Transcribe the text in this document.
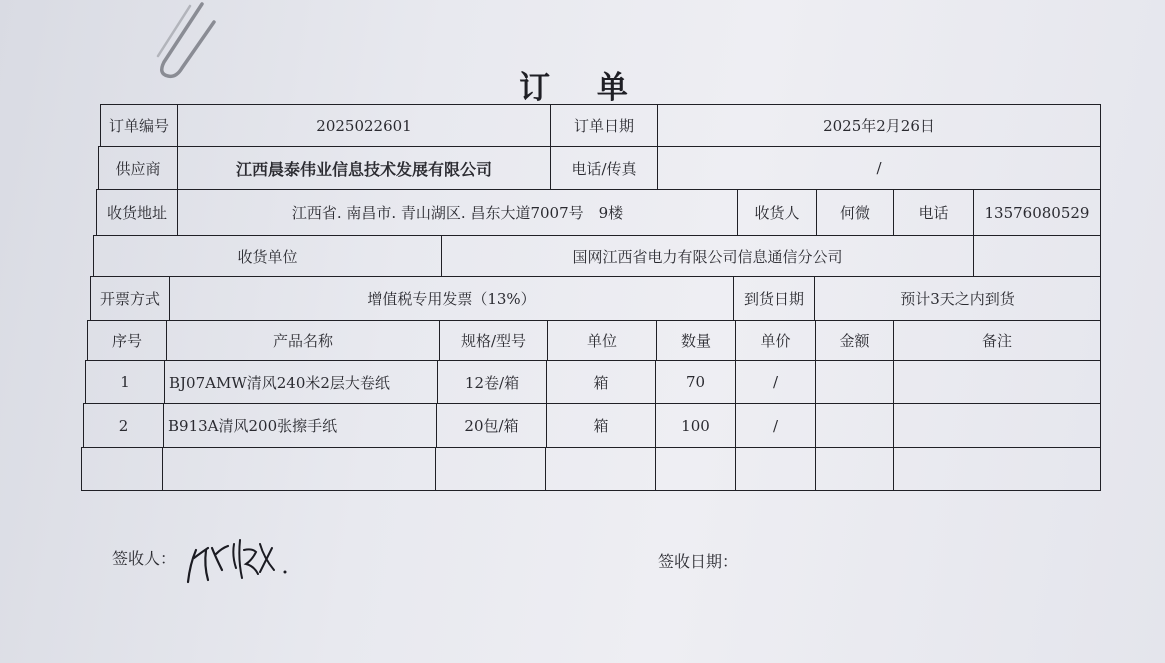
订 单
订单编号	2025022601	订单日期	2025年2月26日
供应商	江西晨泰伟业信息技术发展有限公司	电话/传真	/
收货地址	江西省. 南昌市. 青山湖区. 昌东大道7007号　9楼	收货人	何微	电话	13576080529
收货单位	国网江西省电力有限公司信息通信分公司
开票方式	增值税专用发票（13%）	到货日期	预计3天之内到货
序号	产品名称	规格/型号	单位	数量	单价	金额	备注
1	BJ07AMW清风240米2层大卷纸	12卷/箱	箱	70	/
2	B913A清风200张擦手纸	20包/箱	箱	100	/
签收人：	签收日期：
